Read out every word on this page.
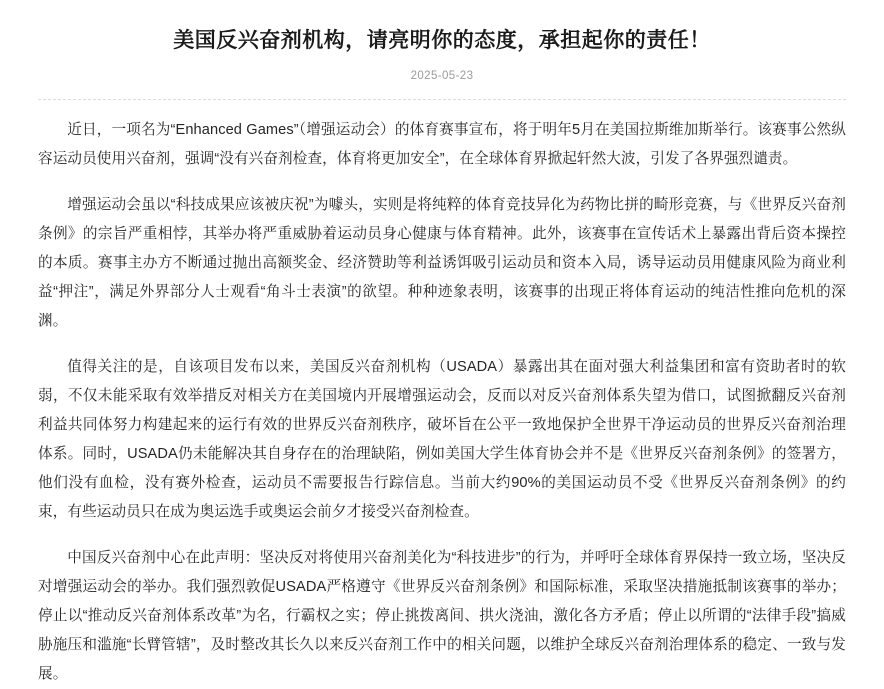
美国反兴奋剂机构，请亮明你的态度，承担起你的责任！
2025-05-23

近日，一项名为“Enhanced Games”（增强运动会）的体育赛事宣布，将于明年5月在美国拉斯维加斯举行。该赛事公然纵容运动员使用兴奋剂，强调“没有兴奋剂检查，体育将更加安全”，在全球体育界掀起轩然大波，引发了各界强烈谴责。

增强运动会虽以“科技成果应该被庆祝”为噱头，实则是将纯粹的体育竞技异化为药物比拼的畸形竞赛，与《世界反兴奋剂条例》的宗旨严重相悖，其举办将严重威胁着运动员身心健康与体育精神。此外，该赛事在宣传话术上暴露出背后资本操控的本质。赛事主办方不断通过抛出高额奖金、经济赞助等利益诱饵吸引运动员和资本入局，诱导运动员用健康风险为商业利益“押注”，满足外界部分人士观看“角斗士表演”的欲望。种种迹象表明，该赛事的出现正将体育运动的纯洁性推向危机的深渊。

值得关注的是，自该项目发布以来，美国反兴奋剂机构（USADA）暴露出其在面对强大利益集团和富有资助者时的软弱，不仅未能采取有效举措反对相关方在美国境内开展增强运动会，反而以对反兴奋剂体系失望为借口，试图掀翻反兴奋剂利益共同体努力构建起来的运行有效的世界反兴奋剂秩序，破坏旨在公平一致地保护全世界干净运动员的世界反兴奋剂治理体系。同时，USADA仍未能解决其自身存在的治理缺陷，例如美国大学生体育协会并不是《世界反兴奋剂条例》的签署方，他们没有血检，没有赛外检查，运动员不需要报告行踪信息。当前大约90%的美国运动员不受《世界反兴奋剂条例》的约束，有些运动员只在成为奥运选手或奥运会前夕才接受兴奋剂检查。

中国反兴奋剂中心在此声明：坚决反对将使用兴奋剂美化为“科技进步”的行为，并呼吁全球体育界保持一致立场，坚决反对增强运动会的举办。我们强烈敦促USADA严格遵守《世界反兴奋剂条例》和国际标准，采取坚决措施抵制该赛事的举办；停止以“推动反兴奋剂体系改革”为名，行霸权之实；停止挑拨离间、拱火浇油，激化各方矛盾；停止以所谓的“法律手段”搞威胁施压和滥施“长臂管辖”，及时整改其长久以来反兴奋剂工作中的相关问题，以维护全球反兴奋剂治理体系的稳定、一致与发展。
